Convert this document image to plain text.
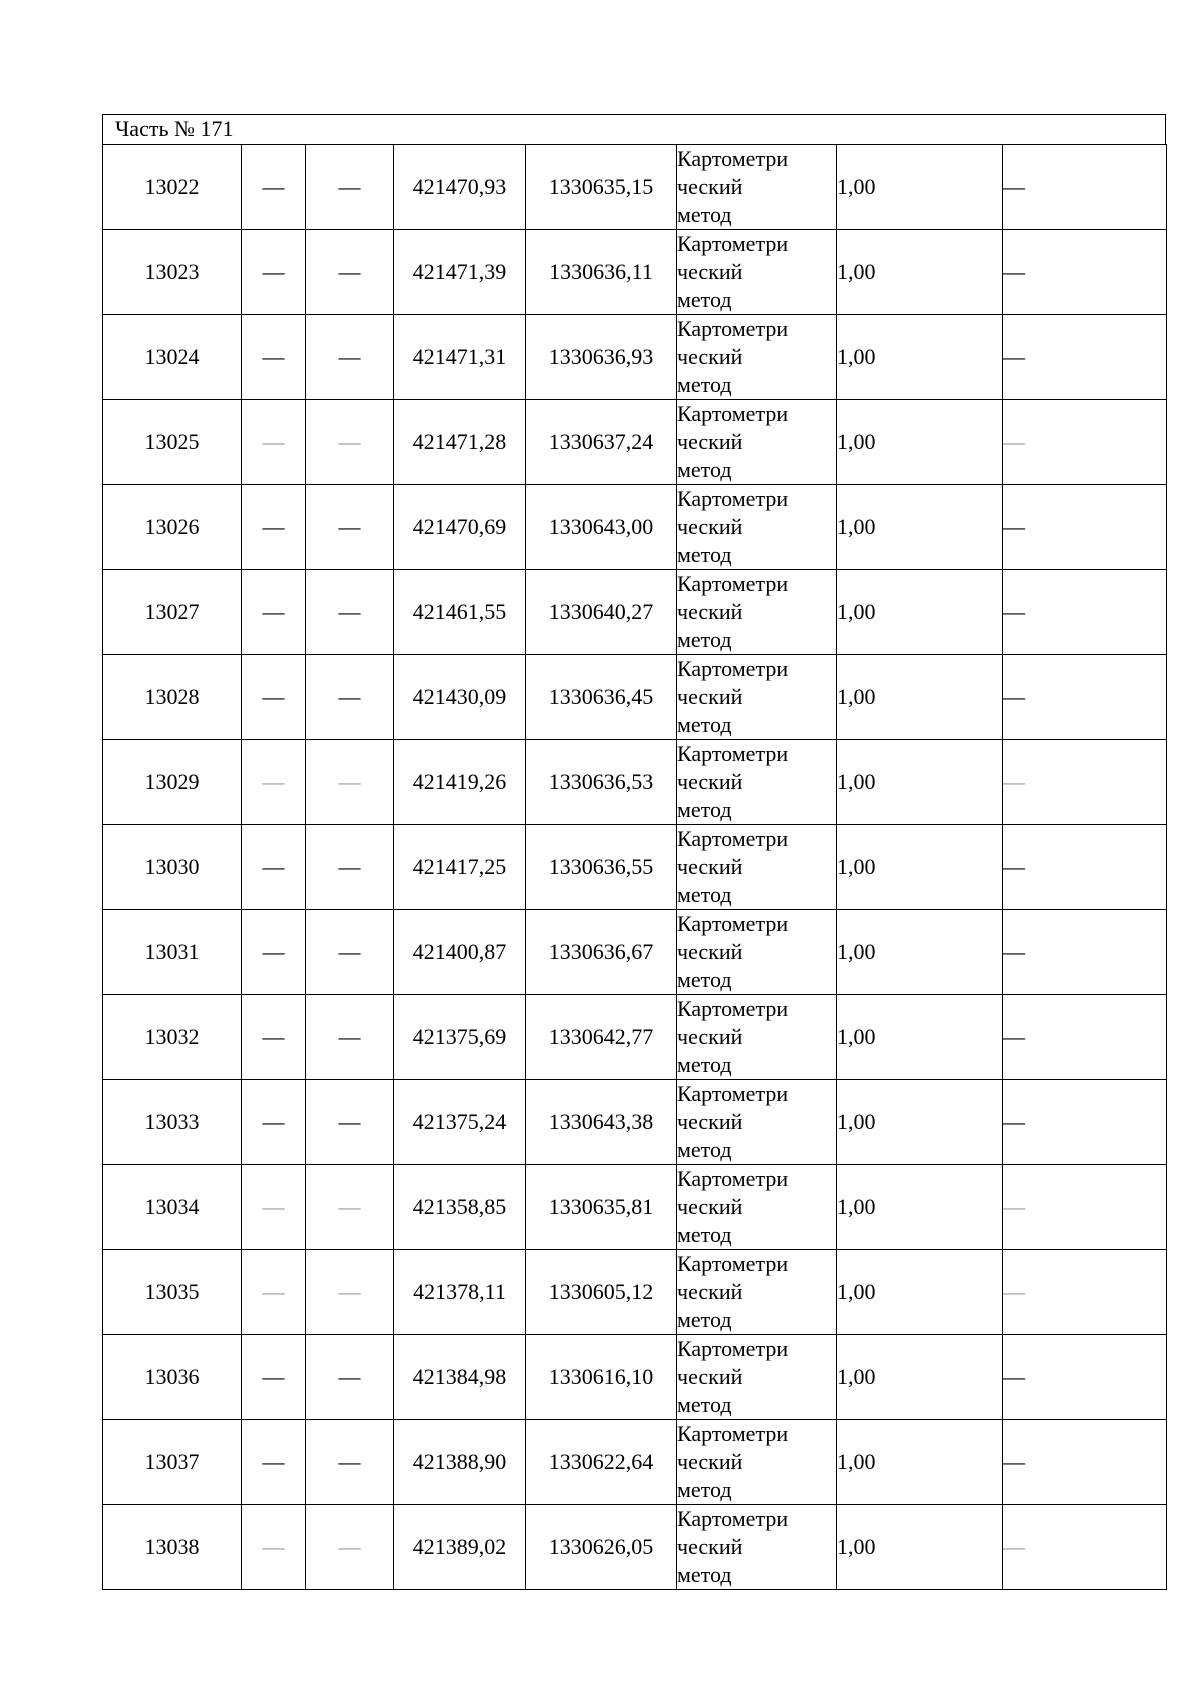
Часть № 171
13022	—	—	421470,93	1330635,15	Картометри
ческий
метод	1,00	—
13023	—	—	421471,39	1330636,11	Картометри
ческий
метод	1,00	—
13024	—	—	421471,31	1330636,93	Картометри
ческий
метод	1,00	—
13025	—	—	421471,28	1330637,24	Картометри
ческий
метод	1,00	—
13026	—	—	421470,69	1330643,00	Картометри
ческий
метод	1,00	—
13027	—	—	421461,55	1330640,27	Картометри
ческий
метод	1,00	—
13028	—	—	421430,09	1330636,45	Картометри
ческий
метод	1,00	—
13029	—	—	421419,26	1330636,53	Картометри
ческий
метод	1,00	—
13030	—	—	421417,25	1330636,55	Картометри
ческий
метод	1,00	—
13031	—	—	421400,87	1330636,67	Картометри
ческий
метод	1,00	—
13032	—	—	421375,69	1330642,77	Картометри
ческий
метод	1,00	—
13033	—	—	421375,24	1330643,38	Картометри
ческий
метод	1,00	—
13034	—	—	421358,85	1330635,81	Картометри
ческий
метод	1,00	—
13035	—	—	421378,11	1330605,12	Картометри
ческий
метод	1,00	—
13036	—	—	421384,98	1330616,10	Картометри
ческий
метод	1,00	—
13037	—	—	421388,90	1330622,64	Картометри
ческий
метод	1,00	—
13038	—	—	421389,02	1330626,05	Картометри
ческий
метод	1,00	—
